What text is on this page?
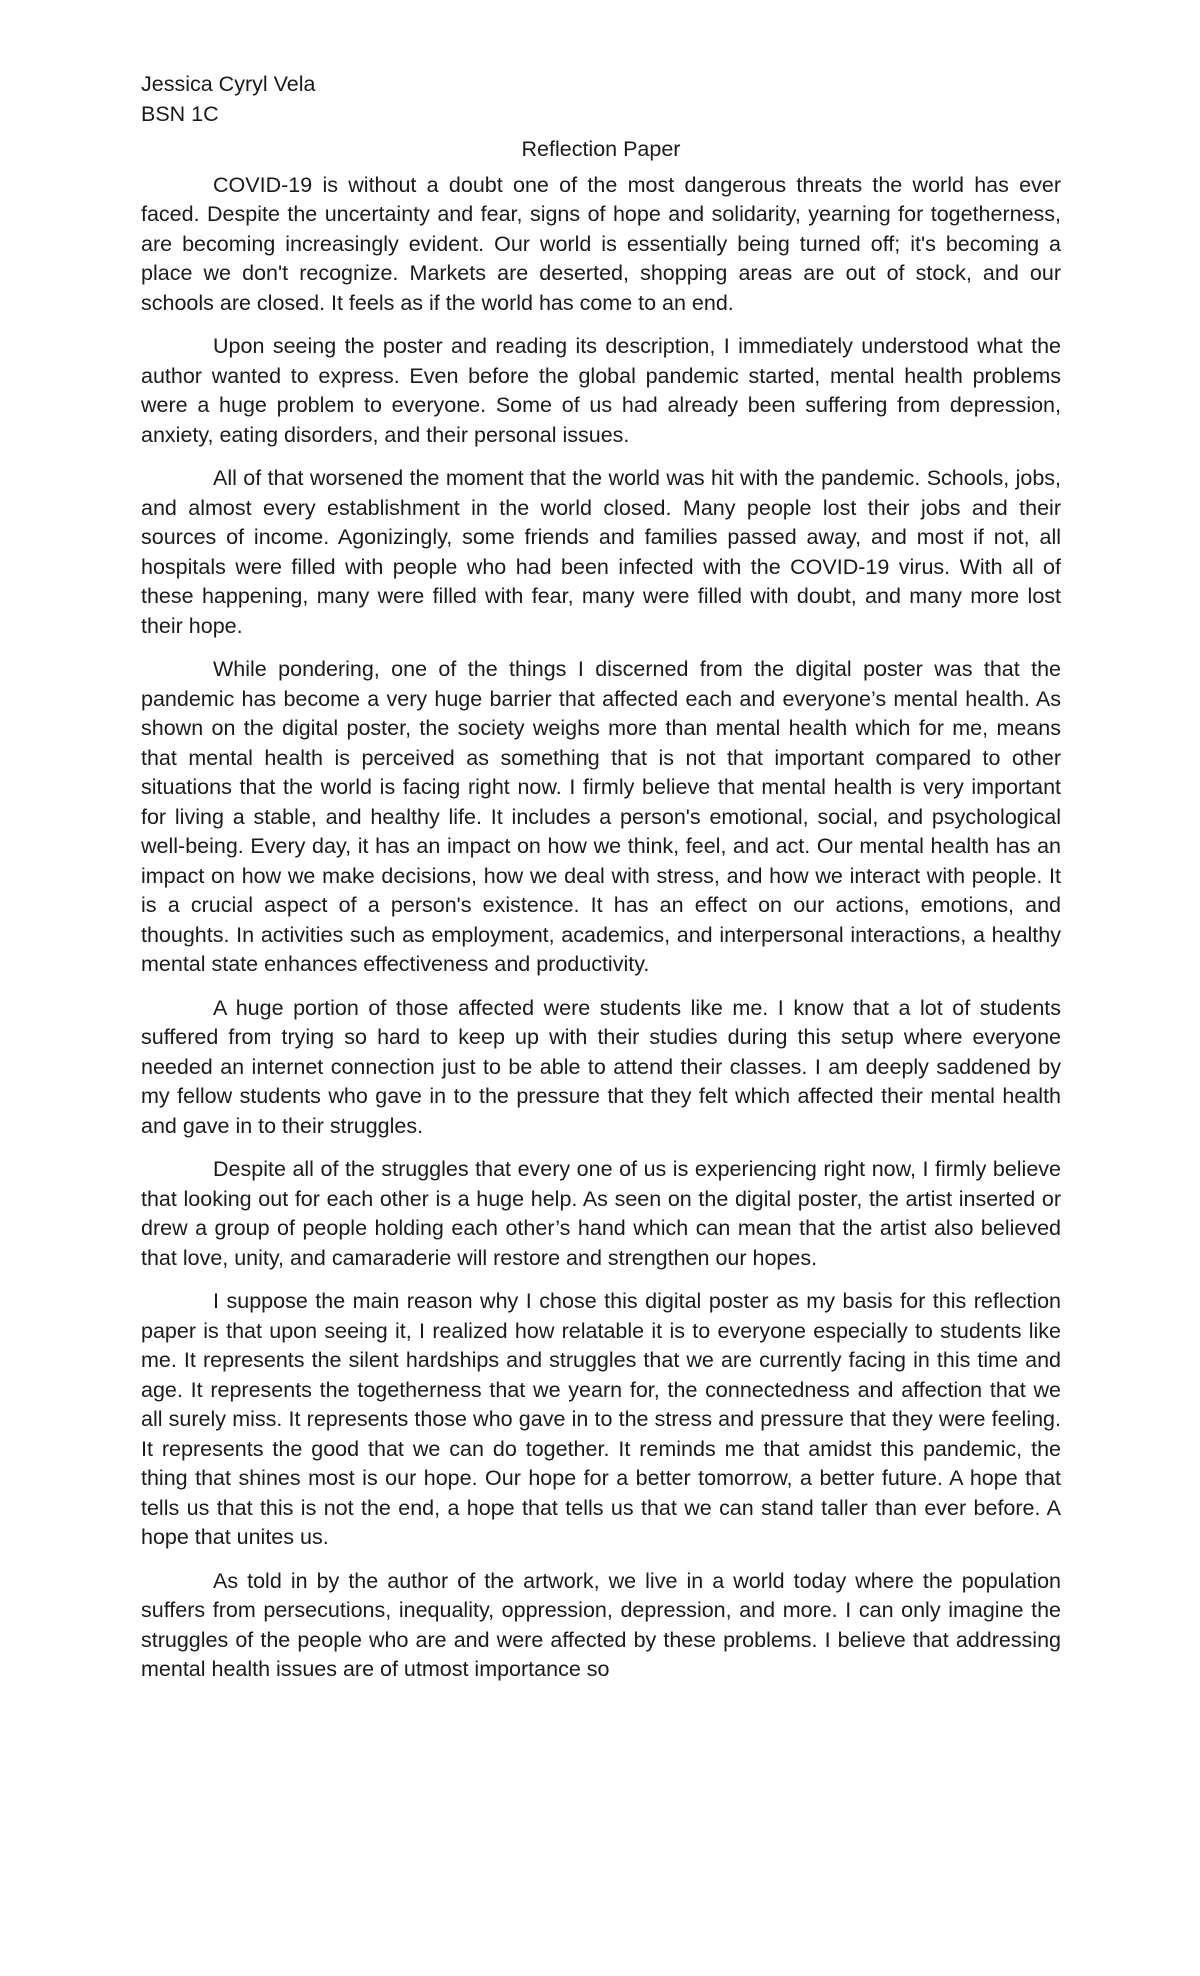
Jessica Cyryl Vela

BSN 1C

Reflection Paper

COVID-19 is without a doubt one of the most dangerous threats the world has ever faced. Despite the uncertainty and fear, signs of hope and solidarity, yearning for togetherness, are becoming increasingly evident. Our world is essentially being turned off; it's becoming a place we don't recognize. Markets are deserted, shopping areas are out of stock, and our schools are closed. It feels as if the world has come to an end.

Upon seeing the poster and reading its description, I immediately understood what the author wanted to express. Even before the global pandemic started, mental health problems were a huge problem to everyone. Some of us had already been suffering from depression, anxiety, eating disorders, and their personal issues.

All of that worsened the moment that the world was hit with the pandemic. Schools, jobs, and almost every establishment in the world closed. Many people lost their jobs and their sources of income. Agonizingly, some friends and families passed away, and most if not, all hospitals were filled with people who had been infected with the COVID-19 virus. With all of these happening, many were filled with fear, many were filled with doubt, and many more lost their hope.

While pondering, one of the things I discerned from the digital poster was that the pandemic has become a very huge barrier that affected each and everyone’s mental health. As shown on the digital poster, the society weighs more than mental health which for me, means that mental health is perceived as something that is not that important compared to other situations that the world is facing right now. I firmly believe that mental health is very important for living a stable, and healthy life. It includes a person's emotional, social, and psychological well-being. Every day, it has an impact on how we think, feel, and act. Our mental health has an impact on how we make decisions, how we deal with stress, and how we interact with people. It is a crucial aspect of a person's existence. It has an effect on our actions, emotions, and thoughts. In activities such as employment, academics, and interpersonal interactions, a healthy mental state enhances effectiveness and productivity.

A huge portion of those affected were students like me. I know that a lot of students suffered from trying so hard to keep up with their studies during this setup where everyone needed an internet connection just to be able to attend their classes. I am deeply saddened by my fellow students who gave in to the pressure that they felt which affected their mental health and gave in to their struggles.

Despite all of the struggles that every one of us is experiencing right now, I firmly believe that looking out for each other is a huge help. As seen on the digital poster, the artist inserted or drew a group of people holding each other’s hand which can mean that the artist also believed that love, unity, and camaraderie will restore and strengthen our hopes.

I suppose the main reason why I chose this digital poster as my basis for this reflection paper is that upon seeing it, I realized how relatable it is to everyone especially to students like me. It represents the silent hardships and struggles that we are currently facing in this time and age. It represents the togetherness that we yearn for, the connectedness and affection that we all surely miss. It represents those who gave in to the stress and pressure that they were feeling. It represents the good that we can do together. It reminds me that amidst this pandemic, the thing that shines most is our hope. Our hope for a better tomorrow, a better future. A hope that tells us that this is not the end, a hope that tells us that we can stand taller than ever before. A hope that unites us.

As told in by the author of the artwork, we live in a world today where the population suffers from persecutions, inequality, oppression, depression, and more. I can only imagine the struggles of the people who are and were affected by these problems. I believe that addressing mental health issues are of utmost importance so
